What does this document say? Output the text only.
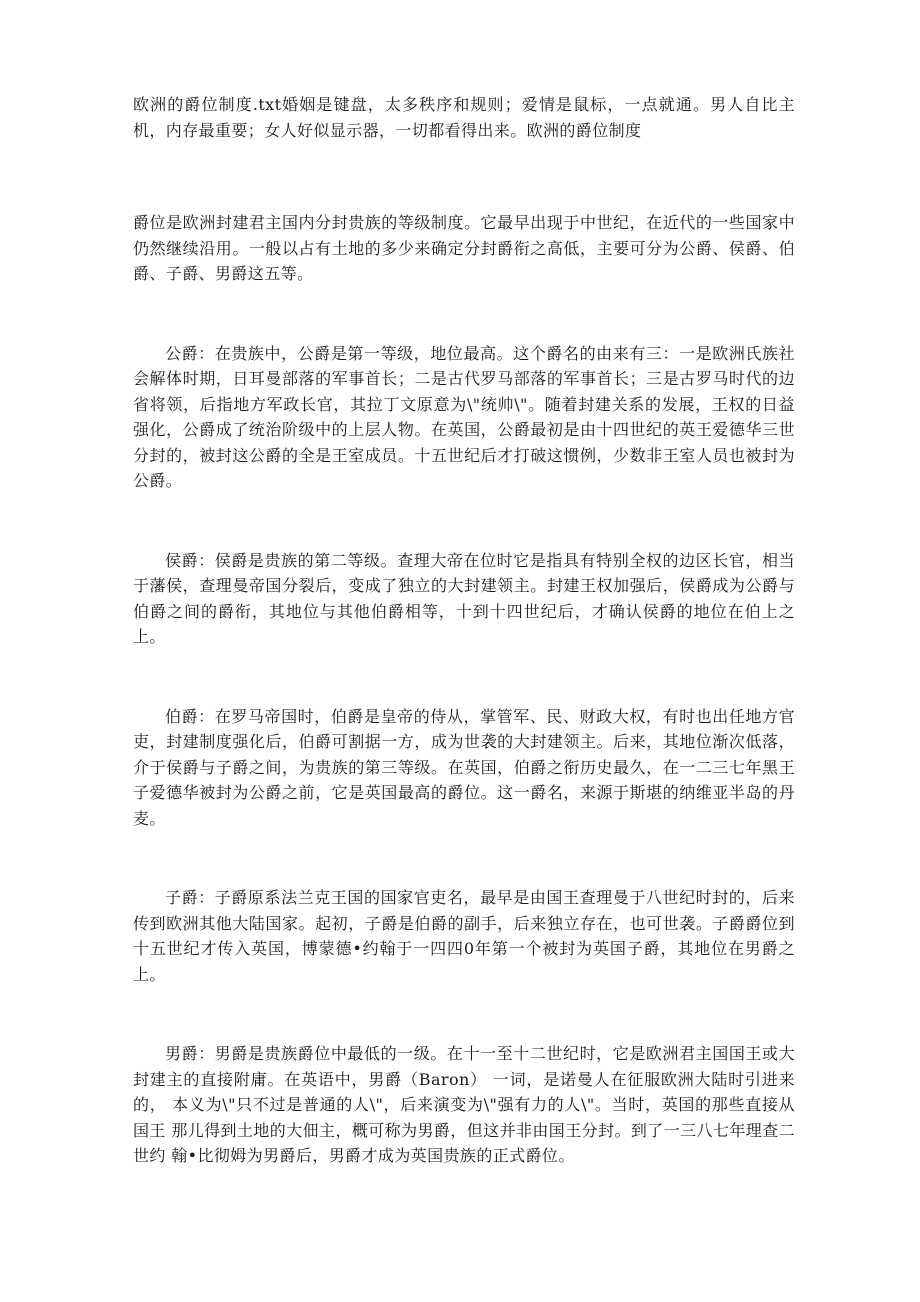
欧洲的爵位制度.txt婚姻是键盘，太多秩序和规则；爱情是鼠标，一点就通。男人自比主机，内存最重要；女人好似显示器，一切都看得出来。欧洲的爵位制度

爵位是欧洲封建君主国内分封贵族的等级制度。它最早出现于中世纪，在近代的一些国家中仍然继续沿用。一般以占有土地的多少来确定分封爵衔之高低，主要可分为公爵、侯爵、伯爵、子爵、男爵这五等。

公爵：在贵族中，公爵是第一等级，地位最高。这个爵名的由来有三：一是欧洲氏族社 会解体时期，日耳曼部落的军事首长；二是古代罗马部落的军事首长；三是古罗马时代的边 省将领，后指地方军政长官，其拉丁文原意为\"统帅\"。随着封建关系的发展，王权的日益 强化，公爵成了统治阶级中的上层人物。在英国，公爵最初是由十四世纪的英王爱德华三世 分封的，被封这公爵的全是王室成员。十五世纪后才打破这惯例，少数非王室人员也被封为 公爵。

侯爵：侯爵是贵族的第二等级。查理大帝在位时它是指具有特别全权的边区长官，相当 于藩侯，查理曼帝国分裂后，变成了独立的大封建领主。封建王权加强后，侯爵成为公爵与 伯爵之间的爵衔，其地位与其他伯爵相等，十到十四世纪后，才确认侯爵的地位在伯上之上。

伯爵：在罗马帝国时，伯爵是皇帝的侍从，掌管军、民、财政大权，有时也出任地方官 吏，封建制度强化后，伯爵可割据一方，成为世袭的大封建领主。后来，其地位渐次低落， 介于侯爵与子爵之间，为贵族的第三等级。在英国，伯爵之衔历史最久，在一二三七年黑王 子爱德华被封为公爵之前，它是英国最高的爵位。这一爵名，来源于斯堪的纳维亚半岛的丹 麦。

子爵：子爵原系法兰克王国的国家官吏名，最早是由国王查理曼于八世纪时封的，后来 传到欧洲其他大陆国家。起初，子爵是伯爵的副手，后来独立存在，也可世袭。子爵爵位到 十五世纪才传入英国，博蒙德•约翰于一四四0年第一个被封为英国子爵，其地位在男爵之 上。

男爵：男爵是贵族爵位中最低的一级。在十一至十二世纪时，它是欧洲君主国国王或大 封建主的直接附庸。在英语中，男爵（Baron） 一词，是诺曼人在征服欧洲大陆时引进来的， 本义为\"只不过是普通的人\"，后来演变为\"强有力的人\"。当时，英国的那些直接从国王 那儿得到土地的大佃主，概可称为男爵，但这并非由国王分封。到了一三八七年理查二世约 翰•比彻姆为男爵后，男爵才成为英国贵族的正式爵位。
